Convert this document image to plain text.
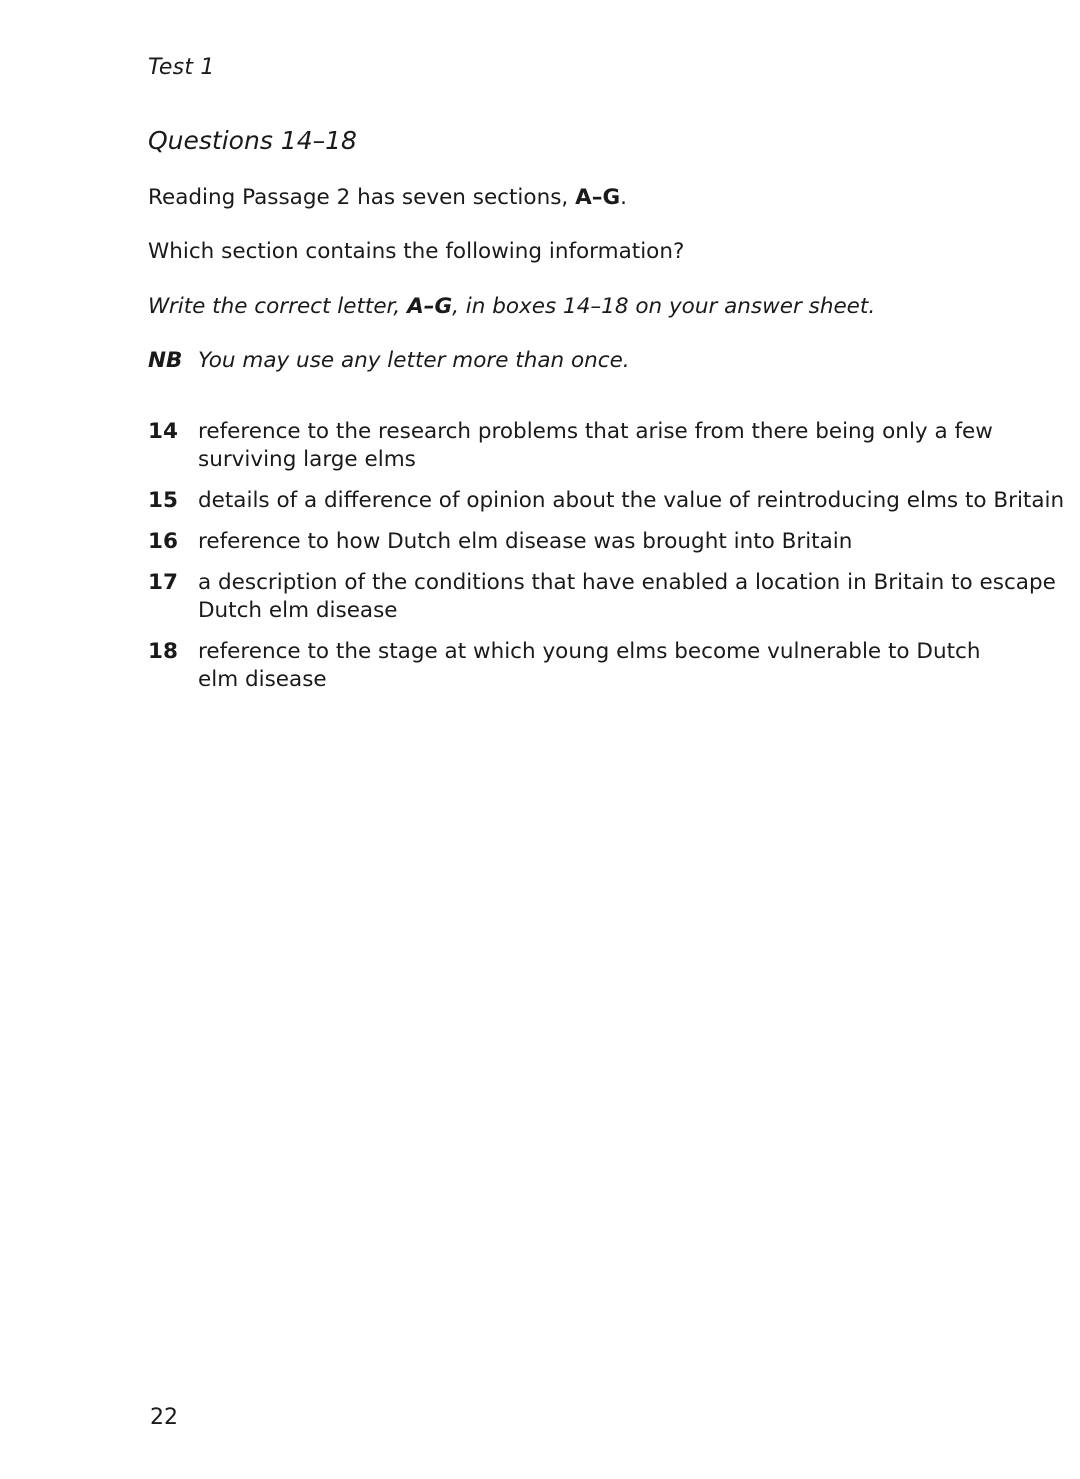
Test 1
Questions 14–18
Reading Passage 2 has seven sections, A–G.
Which section contains the following information?
Write the correct letter, A–G, in boxes 14–18 on your answer sheet.
NB You may use any letter more than once.
14 reference to the research problems that arise from there being only a few
surviving large elms
15 details of a difference of opinion about the value of reintroducing elms to Britain
16 reference to how Dutch elm disease was brought into Britain
17 a description of the conditions that have enabled a location in Britain to escape
Dutch elm disease
18 reference to the stage at which young elms become vulnerable to Dutch
elm disease
22
